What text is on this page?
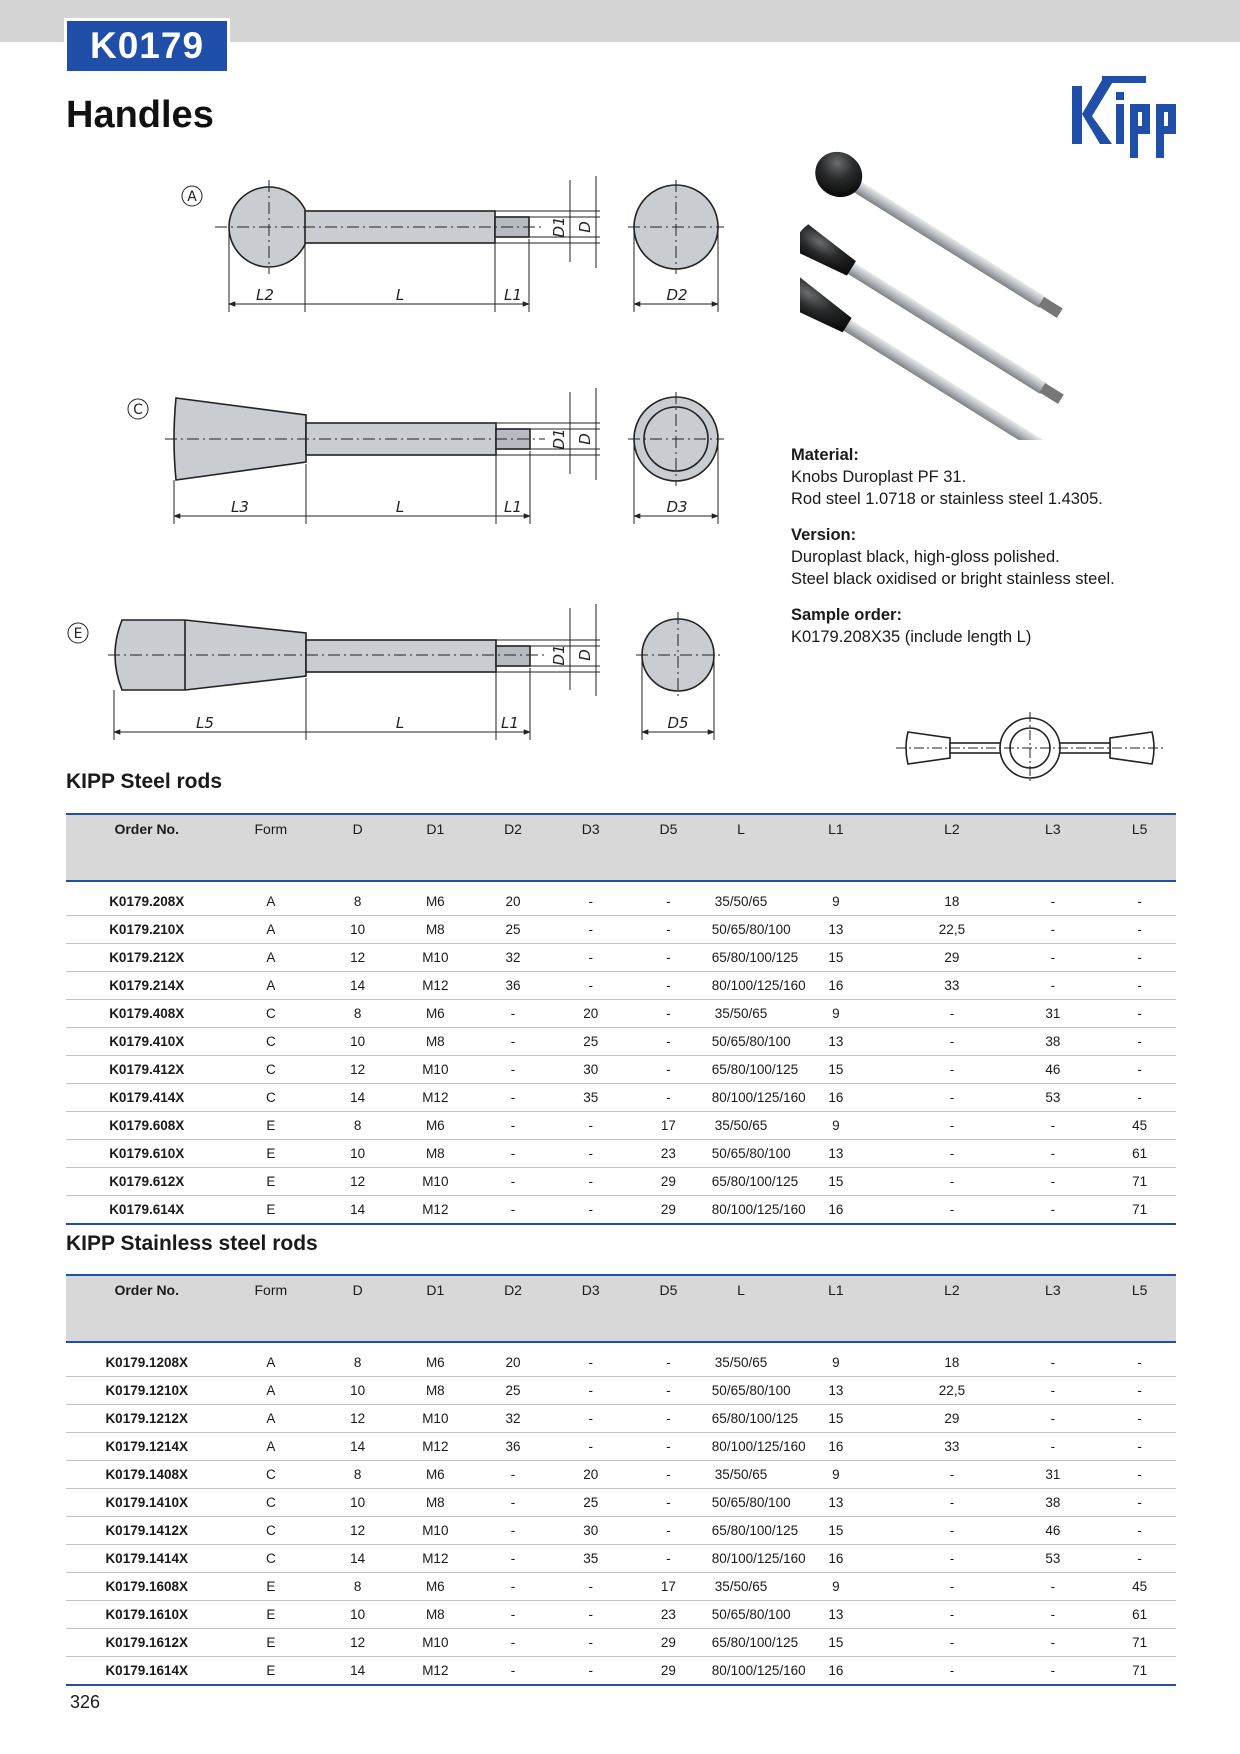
K0179
Handles
A
C
E
L2	L	L1	D2
D1 D
L3	L	L1	D3
D1 D
L5	L	L1	D5
D1 D
Material:
Knobs Duroplast PF 31.
Rod steel 1.0718 or stainless steel 1.4305.
Version:
Duroplast black, high-gloss polished.
Steel black oxidised or bright stainless steel.
Sample order:
K0179.208X35 (include length L)
KIPP Steel rods
Order No.	Form	D	D1	D2	D3	D5	L	L1	L2	L3	L5
K0179.208X	A	8	M6	20	-	-	35/50/65	9	18	-	-
K0179.210X	A	10	M8	25	-	-	50/65/80/100	13	22,5	-	-
K0179.212X	A	12	M10	32	-	-	65/80/100/125	15	29	-	-
K0179.214X	A	14	M12	36	-	-	80/100/125/160	16	33	-	-
K0179.408X	C	8	M6	-	20	-	35/50/65	9	-	31	-
K0179.410X	C	10	M8	-	25	-	50/65/80/100	13	-	38	-
K0179.412X	C	12	M10	-	30	-	65/80/100/125	15	-	46	-
K0179.414X	C	14	M12	-	35	-	80/100/125/160	16	-	53	-
K0179.608X	E	8	M6	-	-	17	35/50/65	9	-	-	45
K0179.610X	E	10	M8	-	-	23	50/65/80/100	13	-	-	61
K0179.612X	E	12	M10	-	-	29	65/80/100/125	15	-	-	71
K0179.614X	E	14	M12	-	-	29	80/100/125/160	16	-	-	71
KIPP Stainless steel rods
Order No.	Form	D	D1	D2	D3	D5	L	L1	L2	L3	L5
K0179.1208X	A	8	M6	20	-	-	35/50/65	9	18	-	-
K0179.1210X	A	10	M8	25	-	-	50/65/80/100	13	22,5	-	-
K0179.1212X	A	12	M10	32	-	-	65/80/100/125	15	29	-	-
K0179.1214X	A	14	M12	36	-	-	80/100/125/160	16	33	-	-
K0179.1408X	C	8	M6	-	20	-	35/50/65	9	-	31	-
K0179.1410X	C	10	M8	-	25	-	50/65/80/100	13	-	38	-
K0179.1412X	C	12	M10	-	30	-	65/80/100/125	15	-	46	-
K0179.1414X	C	14	M12	-	35	-	80/100/125/160	16	-	53	-
K0179.1608X	E	8	M6	-	-	17	35/50/65	9	-	-	45
K0179.1610X	E	10	M8	-	-	23	50/65/80/100	13	-	-	61
K0179.1612X	E	12	M10	-	-	29	65/80/100/125	15	-	-	71
K0179.1614X	E	14	M12	-	-	29	80/100/125/160	16	-	-	71
326
